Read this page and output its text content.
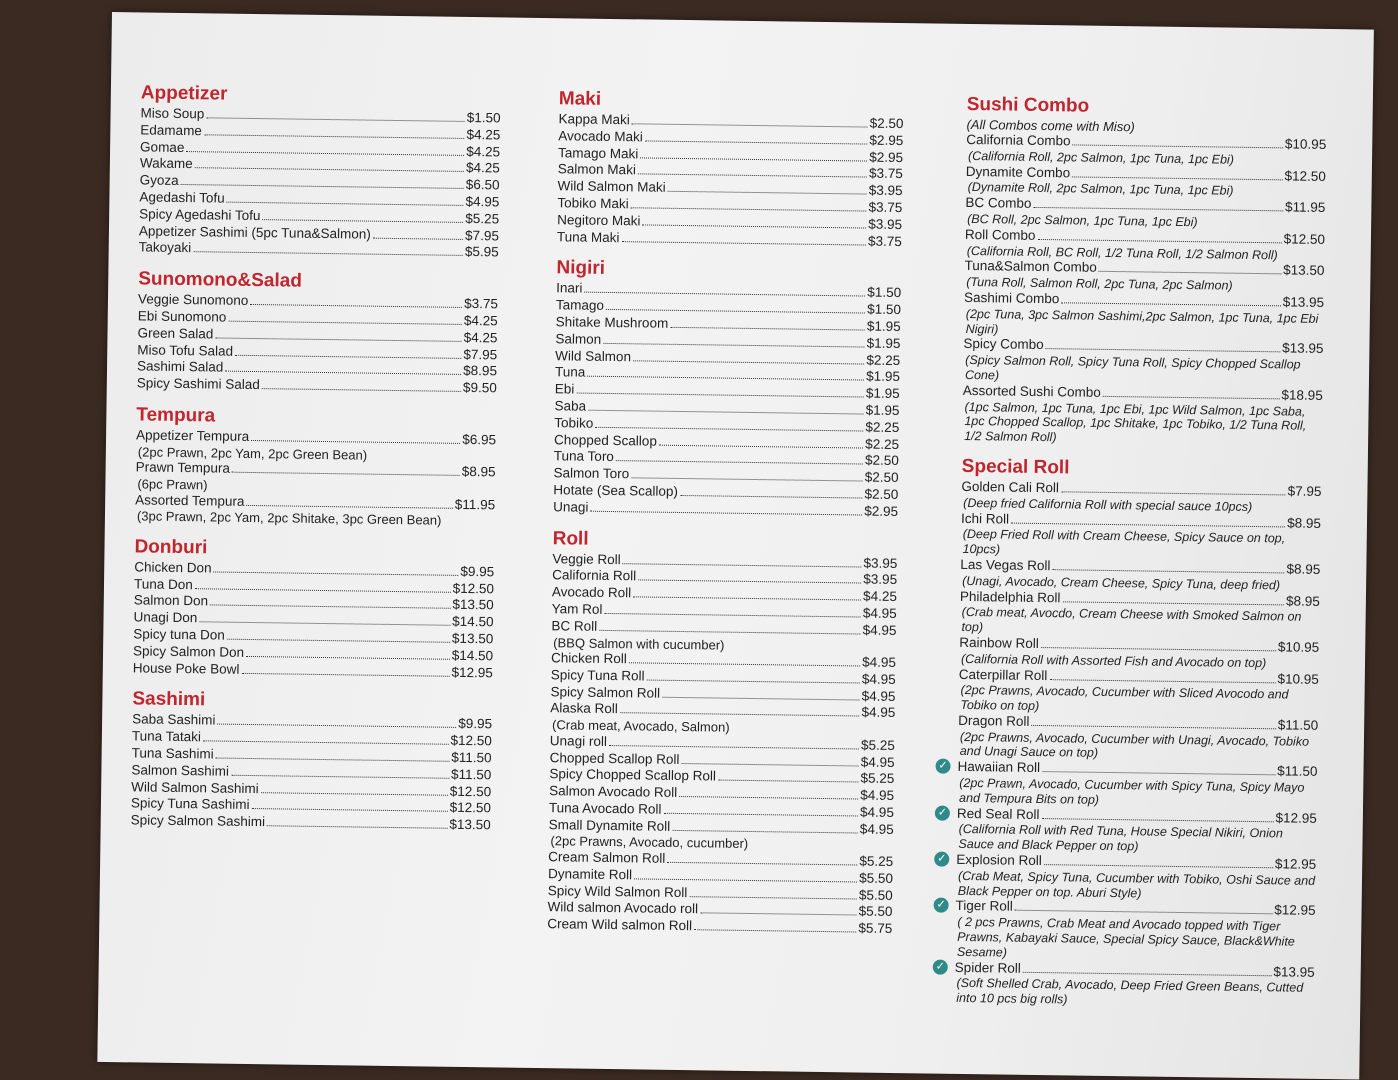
Appetizer
Miso Soup	$1.50
Edamame	$4.25
Gomae	$4.25
Wakame	$4.25
Gyoza	$6.50
Agedashi Tofu	$4.95
Spicy Agedashi Tofu	$5.25
Appetizer Sashimi (5pc Tuna&Salmon)	$7.95
Takoyaki	$5.95
Sunomono&Salad
Veggie Sunomono	$3.75
Ebi Sunomono	$4.25
Green Salad	$4.25
Miso Tofu Salad	$7.95
Sashimi Salad	$8.95
Spicy Sashimi Salad	$9.50
Tempura
Appetizer Tempura	$6.95
(2pc Prawn, 2pc Yam, 2pc Green Bean)
Prawn Tempura	$8.95
(6pc Prawn)
Assorted Tempura	$11.95
(3pc Prawn, 2pc Yam, 2pc Shitake, 3pc Green Bean)
Donburi
Chicken Don	$9.95
Tuna Don	$12.50
Salmon Don	$13.50
Unagi Don	$14.50
Spicy tuna Don	$13.50
Spicy Salmon Don	$14.50
House Poke Bowl	$12.95
Sashimi
Saba Sashimi	$9.95
Tuna Tataki	$12.50
Tuna Sashimi	$11.50
Salmon Sashimi	$11.50
Wild Salmon Sashimi	$12.50
Spicy Tuna Sashimi	$12.50
Spicy Salmon Sashimi	$13.50
Maki
Kappa Maki	$2.50
Avocado Maki	$2.95
Tamago Maki	$2.95
Salmon Maki	$3.75
Wild Salmon Maki	$3.95
Tobiko Maki	$3.75
Negitoro Maki	$3.95
Tuna Maki	$3.75
Nigiri
Inari	$1.50
Tamago	$1.50
Shitake Mushroom	$1.95
Salmon	$1.95
Wild Salmon	$2.25
Tuna	$1.95
Ebi	$1.95
Saba	$1.95
Tobiko	$2.25
Chopped Scallop	$2.25
Tuna Toro	$2.50
Salmon Toro	$2.50
Hotate (Sea Scallop)	$2.50
Unagi	$2.95
Roll
Veggie Roll	$3.95
California Roll	$3.95
Avocado Roll	$4.25
Yam Rol	$4.95
BC Roll	$4.95
(BBQ Salmon with cucumber)
Chicken Roll	$4.95
Spicy Tuna Roll	$4.95
Spicy Salmon Roll	$4.95
Alaska Roll	$4.95
(Crab meat, Avocado, Salmon)
Unagi roll	$5.25
Chopped Scallop Roll	$4.95
Spicy Chopped Scallop Roll	$5.25
Salmon Avocado Roll	$4.95
Tuna Avocado Roll	$4.95
Small Dynamite Roll	$4.95
(2pc Prawns, Avocado, cucumber)
Cream Salmon Roll	$5.25
Dynamite Roll	$5.50
Spicy Wild Salmon Roll	$5.50
Wild salmon Avocado roll	$5.50
Cream Wild salmon Roll	$5.75
Sushi Combo
(All Combos come with Miso)
California Combo	$10.95
(California Roll, 2pc Salmon, 1pc Tuna, 1pc Ebi)
Dynamite Combo	$12.50
(Dynamite Roll, 2pc Salmon, 1pc Tuna, 1pc Ebi)
BC Combo	$11.95
(BC Roll, 2pc Salmon, 1pc Tuna, 1pc Ebi)
Roll Combo	$12.50
(California Roll, BC Roll, 1/2 Tuna Roll, 1/2 Salmon Roll)
Tuna&Salmon Combo	$13.50
(Tuna Roll, Salmon Roll, 2pc Tuna, 2pc Salmon)
Sashimi Combo	$13.95
(2pc Tuna, 3pc Salmon Sashimi,2pc Salmon, 1pc Tuna, 1pc Ebi Nigiri)
Spicy Combo	$13.95
(Spicy Salmon Roll, Spicy Tuna Roll, Spicy Chopped Scallop Cone)
Assorted Sushi Combo	$18.95
(1pc Salmon, 1pc Tuna, 1pc Ebi, 1pc Wild Salmon, 1pc Saba, 1pc Chopped Scallop, 1pc Shitake, 1pc Tobiko, 1/2 Tuna Roll, 1/2 Salmon Roll)
Special Roll
Golden Cali Roll	$7.95
(Deep fried California Roll with special sauce 10pcs)
Ichi Roll	$8.95
(Deep Fried Roll with Cream Cheese, Spicy Sauce on top, 10pcs)
Las Vegas Roll	$8.95
(Unagi, Avocado, Cream Cheese, Spicy Tuna, deep fried)
Philadelphia Roll	$8.95
(Crab meat, Avocdo, Cream Cheese with Smoked Salmon on top)
Rainbow Roll	$10.95
(California Roll with Assorted Fish and Avocado on top)
Caterpillar Roll	$10.95
(2pc Prawns, Avocado, Cucumber with Sliced Avocodo and Tobiko on top)
Dragon Roll	$11.50
(2pc Prawns, Avocado, Cucumber with Unagi, Avocado, Tobiko and Unagi Sauce on top)
✓ Hawaiian Roll	$11.50
(2pc Prawn, Avocado, Cucumber with Spicy Tuna, Spicy Mayo and Tempura Bits on top)
✓ Red Seal Roll	$12.95
(California Roll with Red Tuna, House Special Nikiri, Onion Sauce and Black Pepper on top)
✓ Explosion Roll	$12.95
(Crab Meat, Spicy Tuna, Cucumber with Tobiko, Oshi Sauce and Black Pepper on top. Aburi Style)
✓ Tiger Roll	$12.95
( 2 pcs Prawns, Crab Meat and Avocado topped with Tiger Prawns, Kabayaki Sauce, Special Spicy Sauce, Black&White Sesame)
✓ Spider Roll	$13.95
(Soft Shelled Crab, Avocado, Deep Fried Green Beans, Cutted into 10 pcs big rolls)
